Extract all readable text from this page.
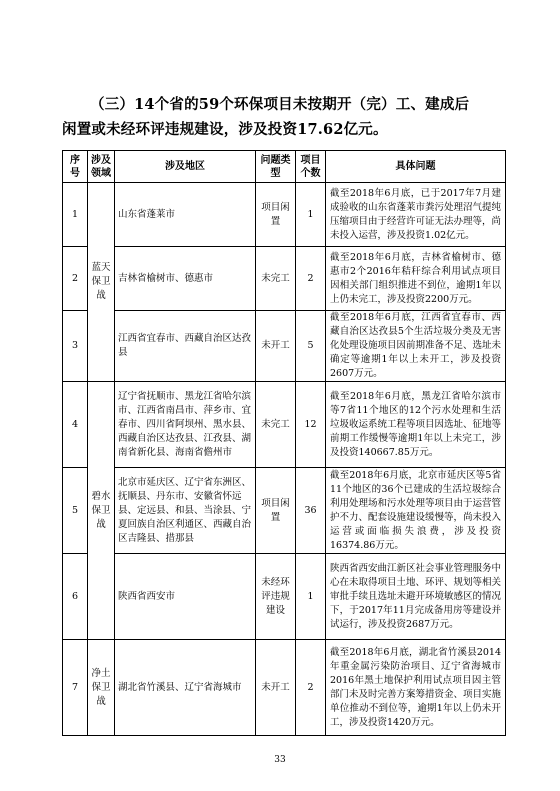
（三）14个省的59个环保项目未按期开（完）工、建成后

闲置或未经环评违规建设，涉及投资17.62亿元。

序号	涉及领域	涉及地区	问题类型	项目个数	具体问题
1	蓝天保卫战	山东省蓬莱市	项目闲置	1	截至2018年6月底，已于2017年7月建成验收的山东省蓬莱市粪污处理沼气提纯压缩项目由于经营许可证无法办理等，尚未投入运营，涉及投资1.02亿元。
2		吉林省榆树市、德惠市	未完工	2	截至2018年6月底，吉林省榆树市、德惠市2个2016年秸秆综合利用试点项目因相关部门组织推进不到位，逾期1年以上仍未完工，涉及投资2200万元。
3		江西省宜春市、西藏自治区达孜县	未开工	5	截至2018年6月底，江西省宜春市、西藏自治区达孜县5个生活垃圾分类及无害化处理设施项目因前期准备不足、选址未确定等逾期1年以上未开工，涉及投资2607万元。
4	碧水保卫战	辽宁省抚顺市、黑龙江省哈尔滨市、江西省南昌市、萍乡市、宜春市、四川省阿坝州、黑水县、西藏自治区达孜县、江孜县、湖南省新化县、海南省儋州市	未完工	12	截至2018年6月底，黑龙江省哈尔滨市等7省11个地区的12个污水处理和生活垃圾收运系统工程等项目因选址、征地等前期工作缓慢等逾期1年以上未完工，涉及投资140667.85万元。
5		北京市延庆区、辽宁省东洲区、抚顺县、丹东市、安徽省怀远县、定远县、和县、当涂县、宁夏回族自治区利通区、西藏自治区吉隆县、措那县	项目闲置	36	截至2018年6月底，北京市延庆区等5省11个地区的36个已建成的生活垃圾综合利用处理场和污水处理等项目由于运营管护不力、配套设施建设缓慢等，尚未投入运营或面临损失浪费，涉及投资16374.86万元。
6		陕西省西安市	未经环评违规建设	1	陕西省西安曲江新区社会事业管理服务中心在未取得项目土地、环评、规划等相关审批手续且选址未避开环境敏感区的情况下，于2017年11月完成备用房等建设并试运行，涉及投资2687万元。
7	净土保卫战	湖北省竹溪县、辽宁省海城市	未开工	2	截至2018年6月底，湖北省竹溪县2014年重金属污染防治项目、辽宁省海城市2016年黑土地保护利用试点项目因主管部门未及时完善方案筹措资金、项目实施单位推动不到位等，逾期1年以上仍未开工，涉及投资1420万元。
33
